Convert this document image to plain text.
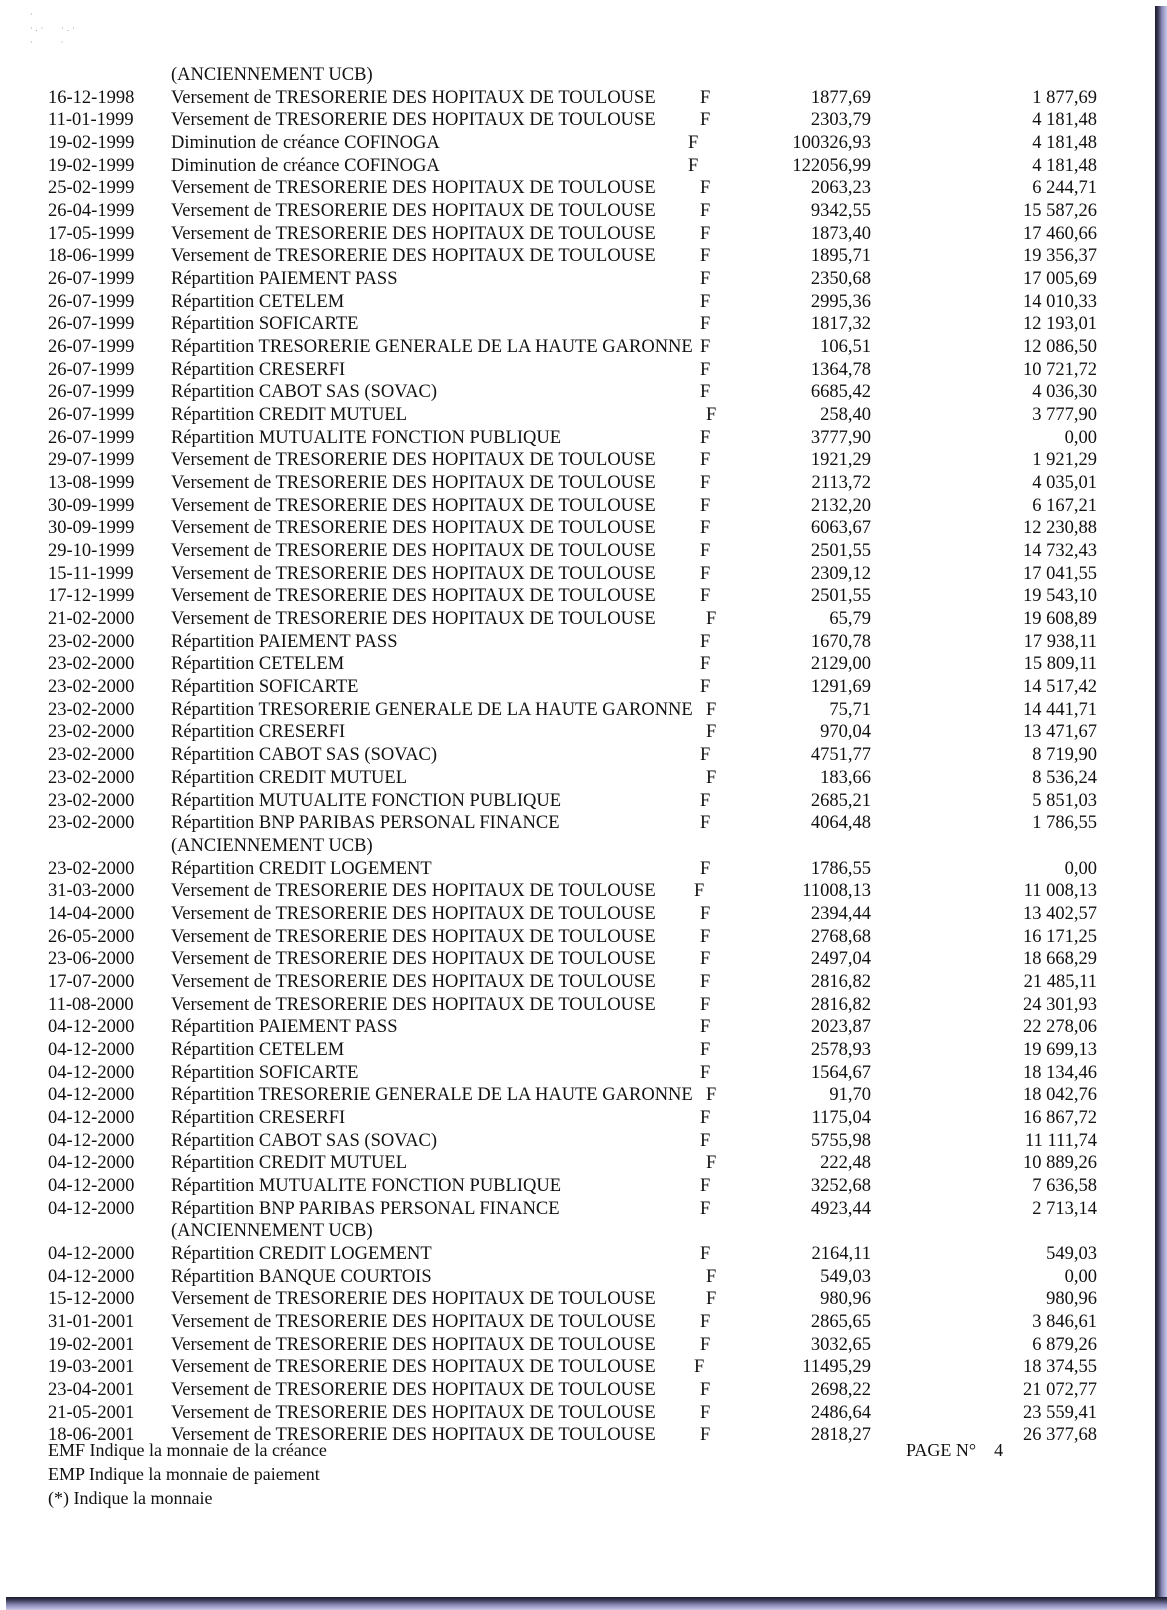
·
·.·   ·.·
·     ·
(ANCIENNEMENT UCB)
16-12-1998 Versement de TRESORERIE DES HOPITAUX DE TOULOUSE F	1877,69	1 877,69
11-01-1999 Versement de TRESORERIE DES HOPITAUX DE TOULOUSE F	2303,79	4 181,48
19-02-1999 Diminution de créance COFINOGA	F	100326,93	4 181,48
19-02-1999 Diminution de créance COFINOGA	F	122056,99	4 181,48
25-02-1999 Versement de TRESORERIE DES HOPITAUX DE TOULOUSE F	2063,23	6 244,71
26-04-1999 Versement de TRESORERIE DES HOPITAUX DE TOULOUSE F	9342,55	15 587,26
17-05-1999 Versement de TRESORERIE DES HOPITAUX DE TOULOUSE F	1873,40	17 460,66
18-06-1999 Versement de TRESORERIE DES HOPITAUX DE TOULOUSE F	1895,71	19 356,37
26-07-1999 Répartition PAIEMENT PASS	F	2350,68	17 005,69
26-07-1999 Répartition CETELEM	F	2995,36	14 010,33
26-07-1999 Répartition SOFICARTE	F	1817,32	12 193,01
26-07-1999 Répartition TRESORERIE GENERALE DE LA HAUTE GARONNE F	106,51	12 086,50
26-07-1999 Répartition CRESERFI	F	1364,78	10 721,72
26-07-1999 Répartition CABOT SAS (SOVAC)	F	6685,42	4 036,30
26-07-1999 Répartition CREDIT MUTUEL	F	258,40	3 777,90
26-07-1999 Répartition MUTUALITE FONCTION PUBLIQUE	F	3777,90	0,00
29-07-1999 Versement de TRESORERIE DES HOPITAUX DE TOULOUSE F	1921,29	1 921,29
13-08-1999 Versement de TRESORERIE DES HOPITAUX DE TOULOUSE F	2113,72	4 035,01
30-09-1999 Versement de TRESORERIE DES HOPITAUX DE TOULOUSE F	2132,20	6 167,21
30-09-1999 Versement de TRESORERIE DES HOPITAUX DE TOULOUSE F	6063,67	12 230,88
29-10-1999 Versement de TRESORERIE DES HOPITAUX DE TOULOUSE F	2501,55	14 732,43
15-11-1999 Versement de TRESORERIE DES HOPITAUX DE TOULOUSE F	2309,12	17 041,55
17-12-1999 Versement de TRESORERIE DES HOPITAUX DE TOULOUSE F	2501,55	19 543,10
21-02-2000 Versement de TRESORERIE DES HOPITAUX DE TOULOUSE	F	65,79	19 608,89
23-02-2000 Répartition PAIEMENT PASS	F	1670,78	17 938,11
23-02-2000 Répartition CETELEM	F	2129,00	15 809,11
23-02-2000 Répartition SOFICARTE	F	1291,69	14 517,42
23-02-2000 Répartition TRESORERIE GENERALE DE LA HAUTE GARONNE F	75,71	14 441,71
23-02-2000 Répartition CRESERFI	F	970,04	13 471,67
23-02-2000 Répartition CABOT SAS (SOVAC)	F	4751,77	8 719,90
23-02-2000 Répartition CREDIT MUTUEL	F	183,66	8 536,24
23-02-2000 Répartition MUTUALITE FONCTION PUBLIQUE	F	2685,21	5 851,03
23-02-2000 Répartition BNP PARIBAS PERSONAL FINANCE	F	4064,48	1 786,55
(ANCIENNEMENT UCB)
23-02-2000 Répartition CREDIT LOGEMENT	F	1786,55	0,00
31-03-2000 Versement de TRESORERIE DES HOPITAUX DE TOULOUSE F	11008,13	11 008,13
14-04-2000 Versement de TRESORERIE DES HOPITAUX DE TOULOUSE F	2394,44	13 402,57
26-05-2000 Versement de TRESORERIE DES HOPITAUX DE TOULOUSE F	2768,68	16 171,25
23-06-2000 Versement de TRESORERIE DES HOPITAUX DE TOULOUSE F	2497,04	18 668,29
17-07-2000 Versement de TRESORERIE DES HOPITAUX DE TOULOUSE F	2816,82	21 485,11
11-08-2000 Versement de TRESORERIE DES HOPITAUX DE TOULOUSE F	2816,82	24 301,93
04-12-2000 Répartition PAIEMENT PASS	F	2023,87	22 278,06
04-12-2000 Répartition CETELEM	F	2578,93	19 699,13
04-12-2000 Répartition SOFICARTE	F	1564,67	18 134,46
04-12-2000 Répartition TRESORERIE GENERALE DE LA HAUTE GARONNE F	91,70	18 042,76
04-12-2000 Répartition CRESERFI	F	1175,04	16 867,72
04-12-2000 Répartition CABOT SAS (SOVAC)	F	5755,98	11 111,74
04-12-2000 Répartition CREDIT MUTUEL	F	222,48	10 889,26
04-12-2000 Répartition MUTUALITE FONCTION PUBLIQUE	F	3252,68	7 636,58
04-12-2000 Répartition BNP PARIBAS PERSONAL FINANCE	F	4923,44	2 713,14
(ANCIENNEMENT UCB)
04-12-2000 Répartition CREDIT LOGEMENT	F	2164,11	549,03
04-12-2000 Répartition BANQUE COURTOIS	F	549,03	0,00
15-12-2000 Versement de TRESORERIE DES HOPITAUX DE TOULOUSE	F	980,96	980,96
31-01-2001 Versement de TRESORERIE DES HOPITAUX DE TOULOUSE F	2865,65	3 846,61
19-02-2001 Versement de TRESORERIE DES HOPITAUX DE TOULOUSE F	3032,65	6 879,26
19-03-2001 Versement de TRESORERIE DES HOPITAUX DE TOULOUSE F	11495,29	18 374,55
23-04-2001 Versement de TRESORERIE DES HOPITAUX DE TOULOUSE F	2698,22	21 072,77
21-05-2001 Versement de TRESORERIE DES HOPITAUX DE TOULOUSE F	2486,64	23 559,41
18-06-2001 Versement de TRESORERIE DES HOPITAUX DE TOULOUSE F	2818,27	26 377,68
EMF Indique la monnaie de la créance
EMP Indique la monnaie de paiement
(*) Indique la monnaie
PAGE N° 4
